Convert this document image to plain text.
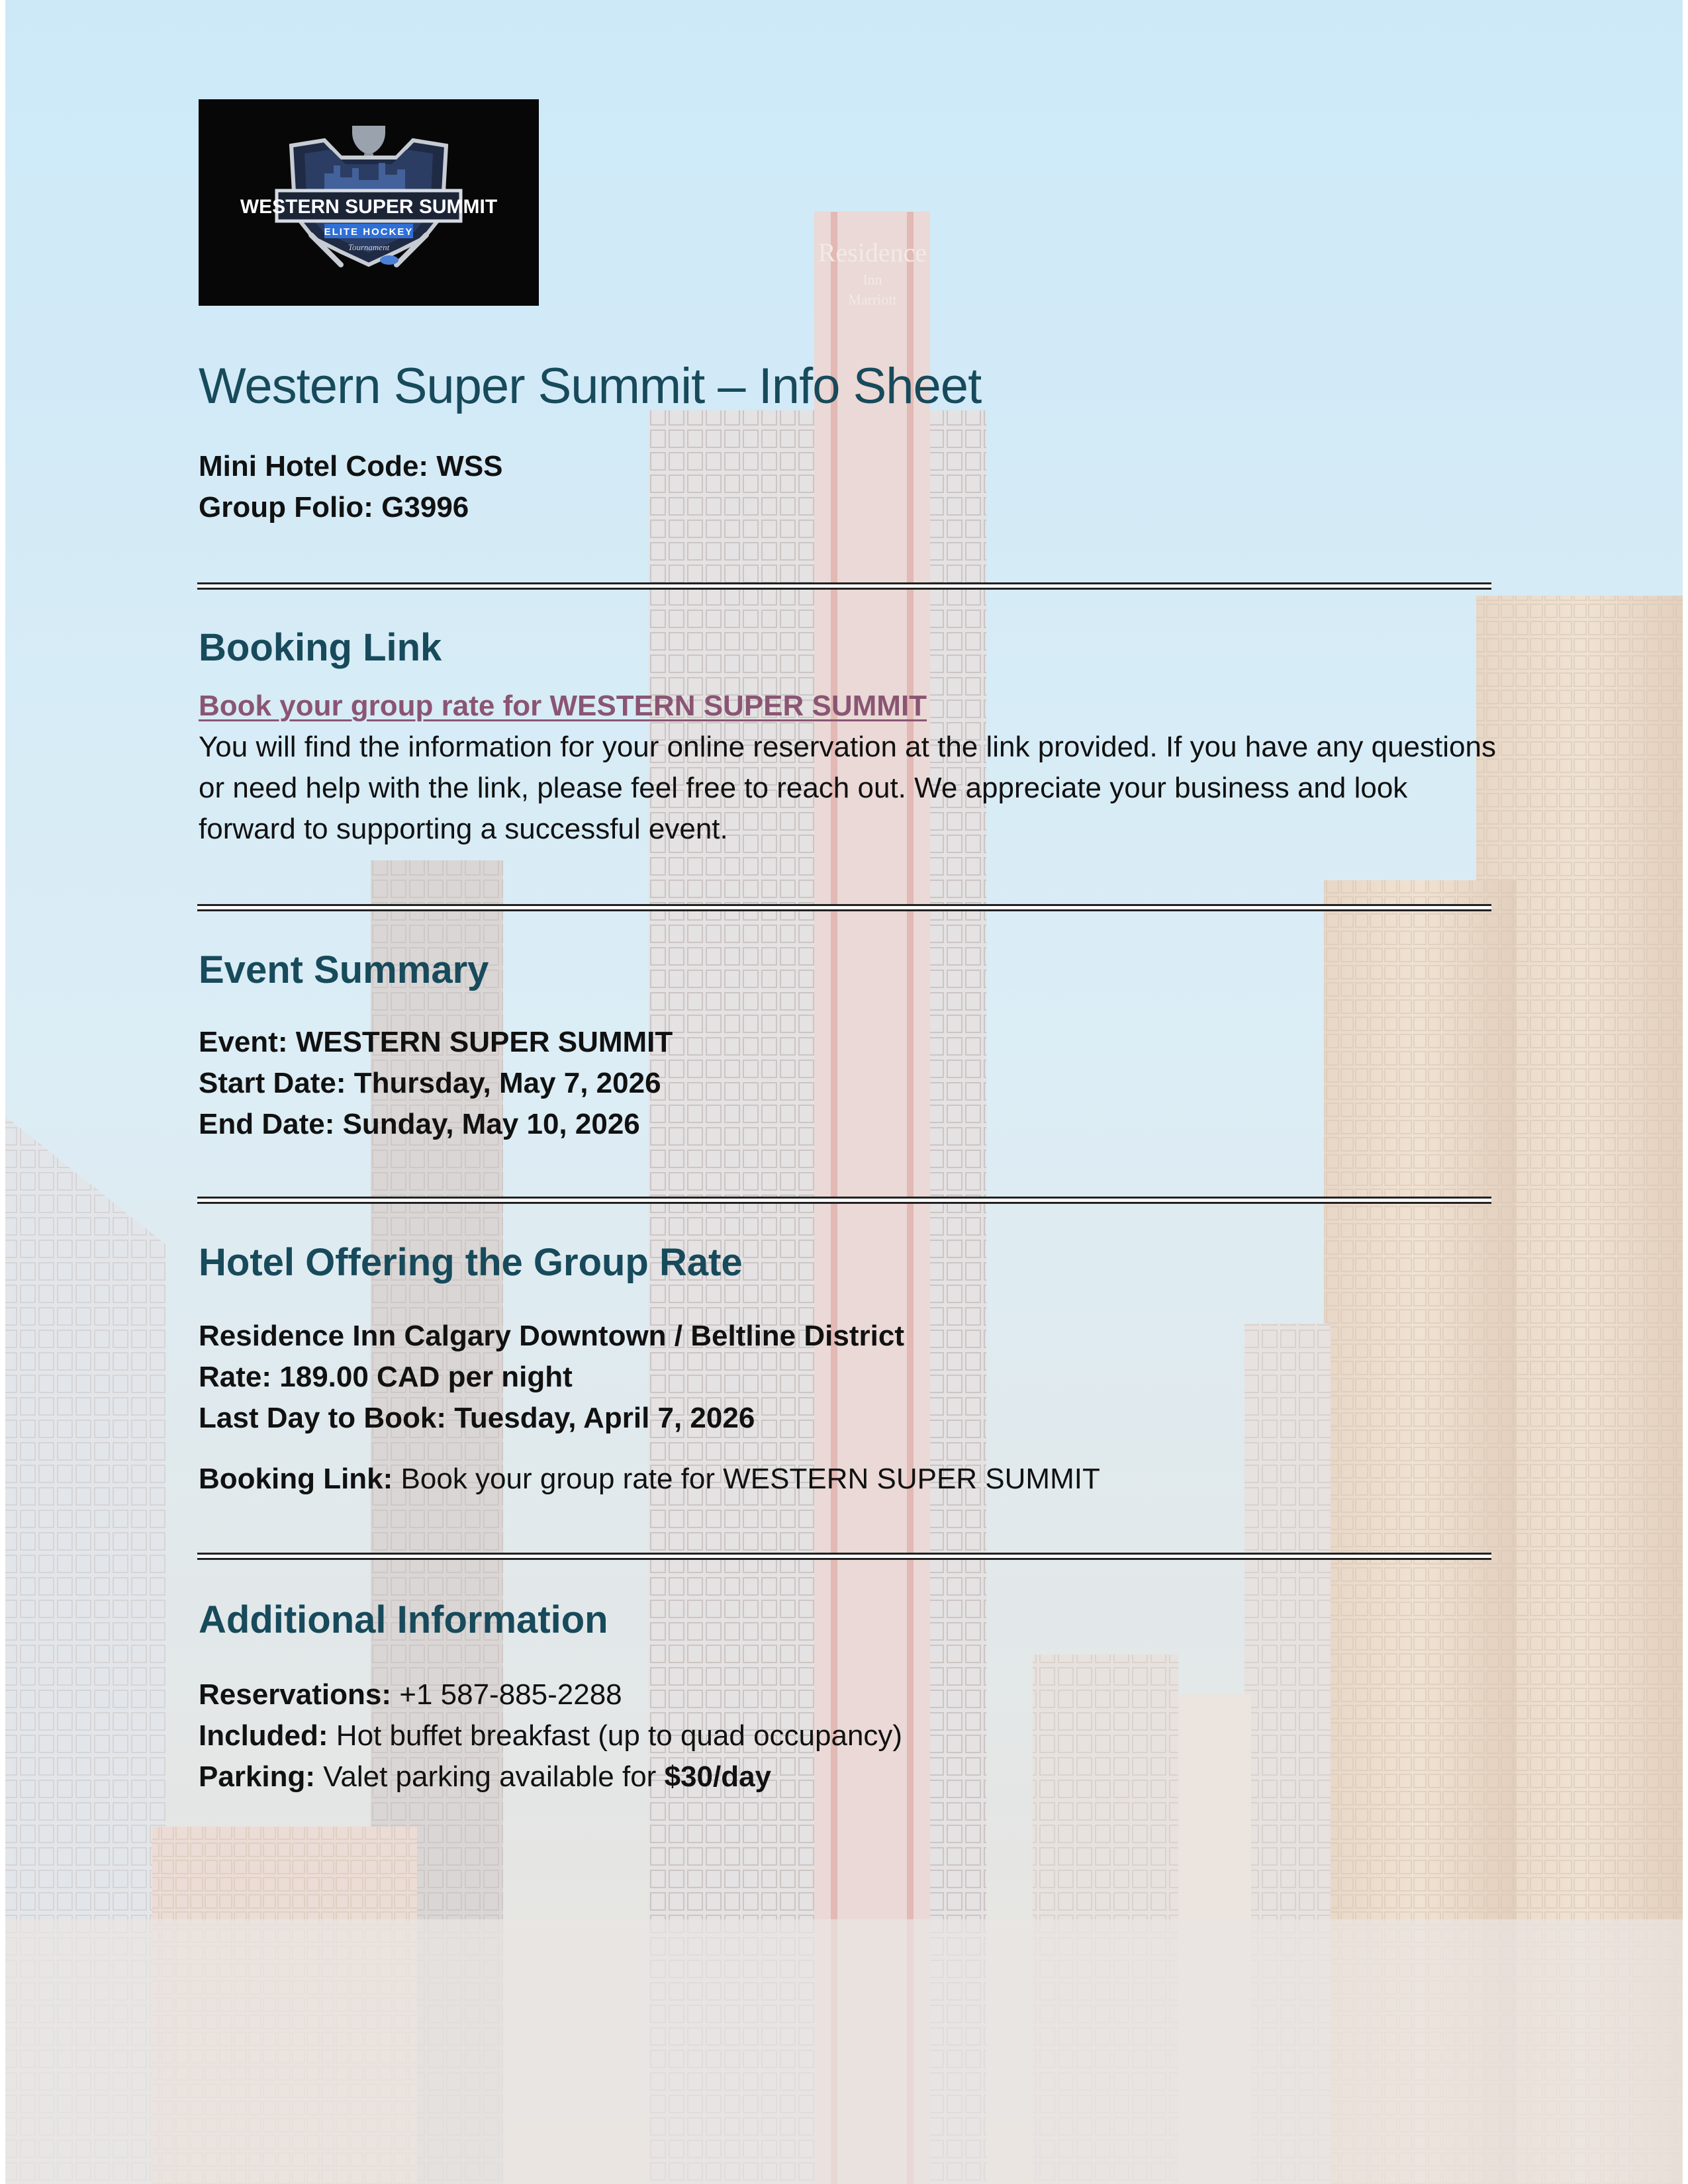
Residence
Inn
Marriott
WESTERN SUPER SUMMIT
ELITE HOCKEY
Tournament
Western Super Summit – Info Sheet
Mini Hotel Code: WSS
Group Folio: G3996
Booking Link
Book your group rate for WESTERN SUPER SUMMIT
You will find the information for your online reservation at the link provided. If you have any questions or need help with the link, please feel free to reach out. We appreciate your business and look forward to supporting a successful event.
Event Summary
Event: WESTERN SUPER SUMMIT
Start Date: Thursday, May 7, 2026
End Date: Sunday, May 10, 2026
Hotel Offering the Group Rate
Residence Inn Calgary Downtown / Beltline District
Rate: 189.00 CAD per night
Last Day to Book: Tuesday, April 7, 2026
Booking Link: Book your group rate for WESTERN SUPER SUMMIT
Additional Information
Reservations: +1 587-885-2288
Included: Hot buffet breakfast (up to quad occupancy)
Parking: Valet parking available for $30/day
